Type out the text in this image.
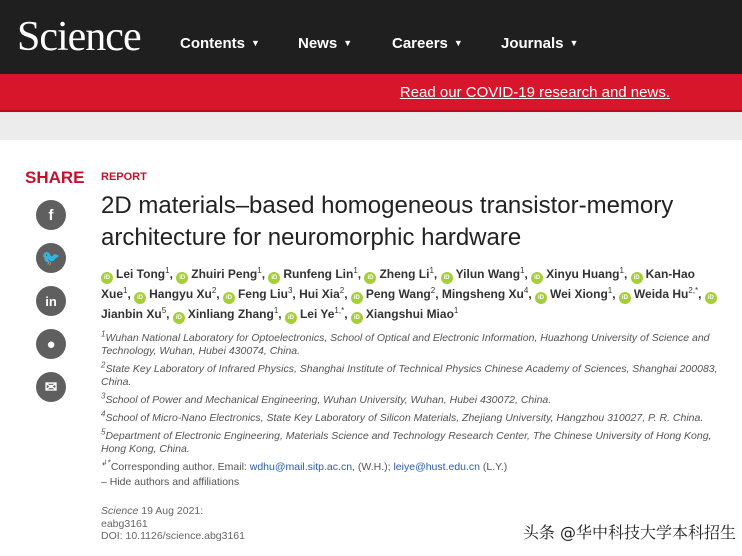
Science	Contents ▼	News ▼	Careers ▼	Journals ▼
Read our COVID-19 research and news.
SHARE
f
🐦
in
●
✉
REPORT
2D materials–based homogeneous transistor-memory architecture for neuromorphic hardware
iD Lei Tong$^1$, iD Zhuiri Peng$^1$, iD Runfeng Lin$^1$, iD Zheng Li$^1$, iD Yilun Wang$^1$, iD Xinyu Huang$^1$, iD Kan-Hao Xue$^1$, iD Hangyu Xu$^2$, iD Feng Liu$^3$, Hui Xia$^2$, iD Peng Wang$^2$, Mingsheng Xu$^4$, iD Wei Xiong$^1$, iD Weida $Hu^{2,*}$, iDJianbin Xu$^5$, iD Xinliang Zhang$^1$, iD Lei $Ye^{1,*}$, iD Xiangshui Miao$^1$
$^1$Wuhan National Laboratory for Optoelectronics, School of Optical and Electronic Information, Huazhong University of Science and Technology, Wuhan, Hubei 430074, China.
$^2$State Key Laboratory of Infrared Physics, Shanghai Institute of Technical Physics Chinese Academy of Sciences, Shanghai 200083, China.
$^3$School of Power and Mechanical Engineering, Wuhan University, Wuhan, Hubei 430072, China.
$^4$School of Micro-Nano Electronics, State Key Laboratory of Silicon Materials, Zhejiang University, Hangzhou 310027, P. R. China.
$^5$Department of Electronic Engineering, Materials Science and Technology Research Center, The Chinese University of Hong Kong, Hong Kong, China.
↲*Corresponding author. Email: wdhu@mail.sitp.ac.cn, (W.H.); leiye@hust.edu.cn (L.Y.)
– Hide authors and affiliations
Science 19 Aug 2021:
eabg3161
DOI: 10.1126/science.abg3161	头条 @华中科技大学本科招生
